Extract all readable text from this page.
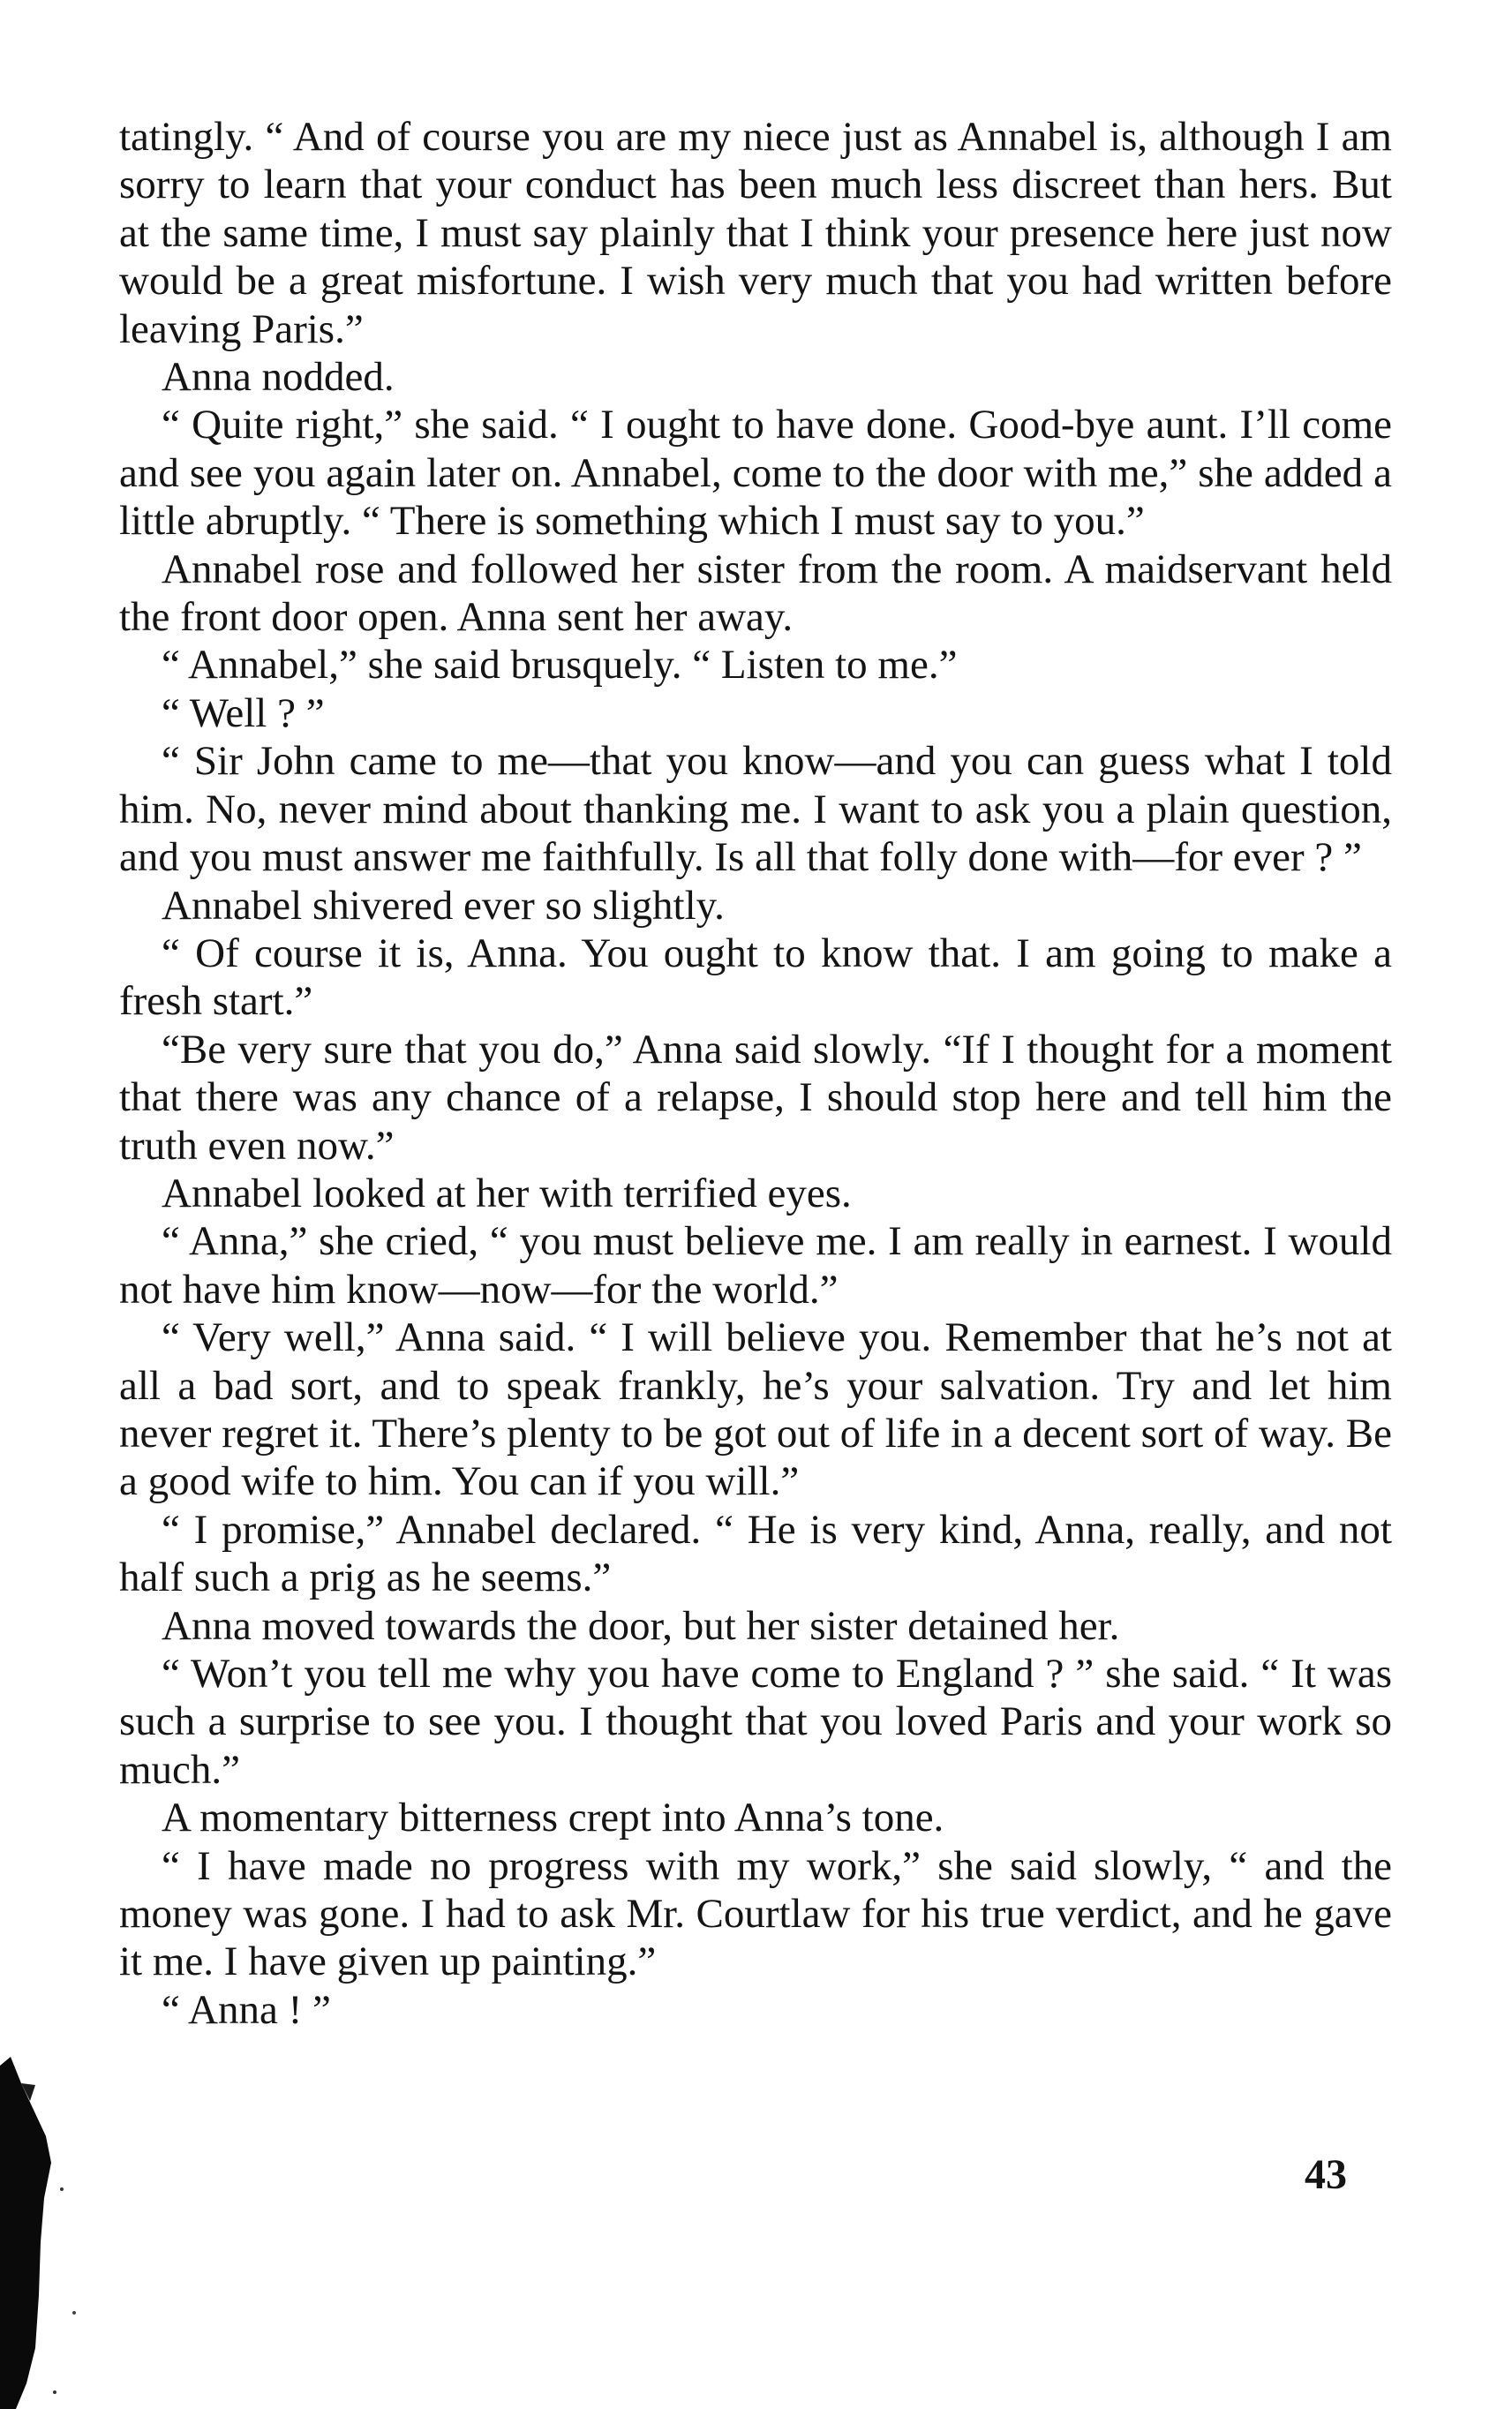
tatingly. “ And of course you are my niece just as Annabel is, although I am sorry to learn that your conduct has been much less discreet than hers. But at the same time, I must say plainly that I think your presence here just now would be a great misfortune. I wish very much that you had written before leaving Paris.”

Anna nodded.

“ Quite right,” she said. “ I ought to have done. Good-bye aunt. I’ll come and see you again later on. Annabel, come to the door with me,” she added a little abruptly. “ There is something which I must say to you.”

Annabel rose and followed her sister from the room. A maidservant held the front door open. Anna sent her away.

“ Annabel,” she said brusquely. “ Listen to me.”

“ Well ? ”

“ Sir John came to me—that you know—and you can guess what I told him. No, never mind about thanking me. I want to ask you a plain question, and you must answer me faithfully. Is all that folly done with—for ever ? ”

Annabel shivered ever so slightly.

“ Of course it is, Anna. You ought to know that. I am going to make a fresh start.”

“Be very sure that you do,” Anna said slowly. “If I thought for a moment that there was any chance of a relapse, I should stop here and tell him the truth even now.”

Annabel looked at her with terrified eyes.

“ Anna,” she cried, “ you must believe me. I am really in earnest. I would not have him know—now—for the world.”

“ Very well,” Anna said. “ I will believe you. Remember that he’s not at all a bad sort, and to speak frankly, he’s your salvation. Try and let him never regret it. There’s plenty to be got out of life in a decent sort of way. Be a good wife to him. You can if you will.”

“ I promise,” Annabel declared. “ He is very kind, Anna, really, and not half such a prig as he seems.”

Anna moved towards the door, but her sister detained her.

“ Won’t you tell me why you have come to England ? ” she said. “ It was such a surprise to see you. I thought that you loved Paris and your work so much.”

A momentary bitterness crept into Anna’s tone.

“ I have made no progress with my work,” she said slowly, “ and the money was gone. I had to ask Mr. Courtlaw for his true verdict, and he gave it me. I have given up painting.”

“ Anna ! ”

43
